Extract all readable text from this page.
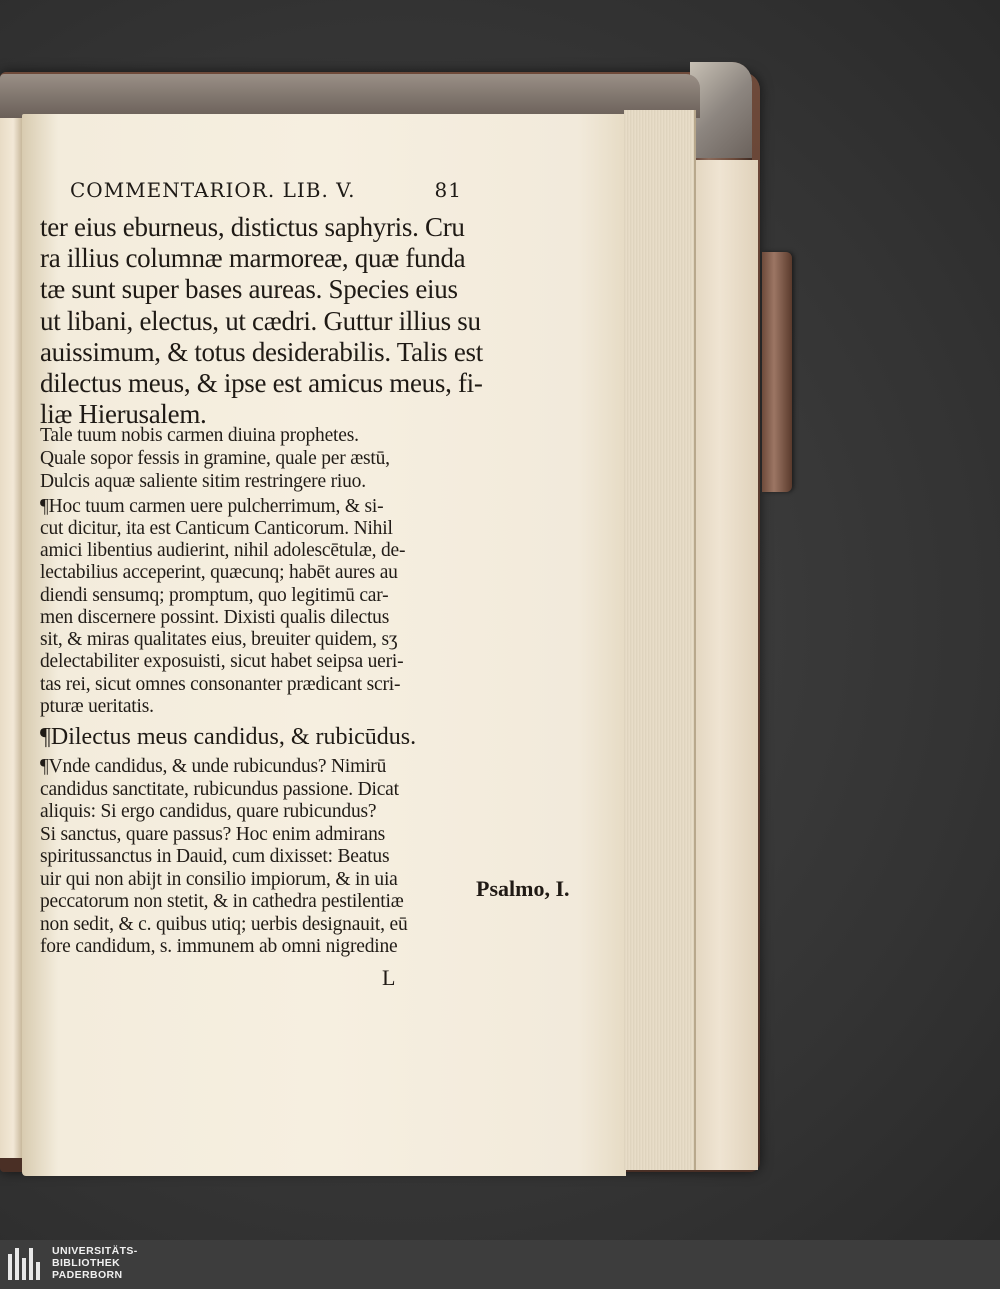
COMMENTARIOR. LIB. V.	81
ter eius eburneus, distictus saphyris. Cru
ra illius columnæ marmoreæ, quæ funda
tæ sunt super bases aureas. Species eius
ut libani, electus, ut cædri. Guttur illius su
auissimum, & totus desiderabilis. Talis est
dilectus meus, & ipse est amicus meus, fi-
liæ Hierusalem.
Tale tuum nobis carmen diuina prophetes.
Quale sopor fessis in gramine, quale per æstū,
Dulcis aquæ saliente sitim restringere riuo.
¶Hoc tuum carmen uere pulcherrimum, & si-
cut dicitur, ita est Canticum Canticorum. Nihil
amici libentius audierint, nihil adolescētulæ, de-
lectabilius acceperint, quæcunq; habēt aures au
diendi sensumq; promptum, quo legitimū car-
men discernere possint. Dixisti qualis dilectus
sit, & miras qualitates eius, breuiter quidem, sʒ
delectabiliter exposuisti, sicut habet seipsa ueri-
tas rei, sicut omnes consonanter prædicant scri-
pturæ ueritatis.
¶Dilectus meus candidus, & rubicūdus.
¶Vnde candidus, & unde rubicundus? Nimirū
candidus sanctitate, rubicundus passione. Dicat
aliquis: Si ergo candidus, quare rubicundus?
Si sanctus, quare passus? Hoc enim admirans
spiritussanctus in Dauid, cum dixisset: Beatus
uir qui non abijt in consilio impiorum, & in uia
peccatorum non stetit, & in cathedra pestilentiæ
non sedit, & c. quibus utiq; uerbis designauit, eū
fore candidum, s. immunem ab omni nigredine
Psalmo, I.
L
UNIVERSITÄTS-
BIBLIOTHEK
PADERBORN
